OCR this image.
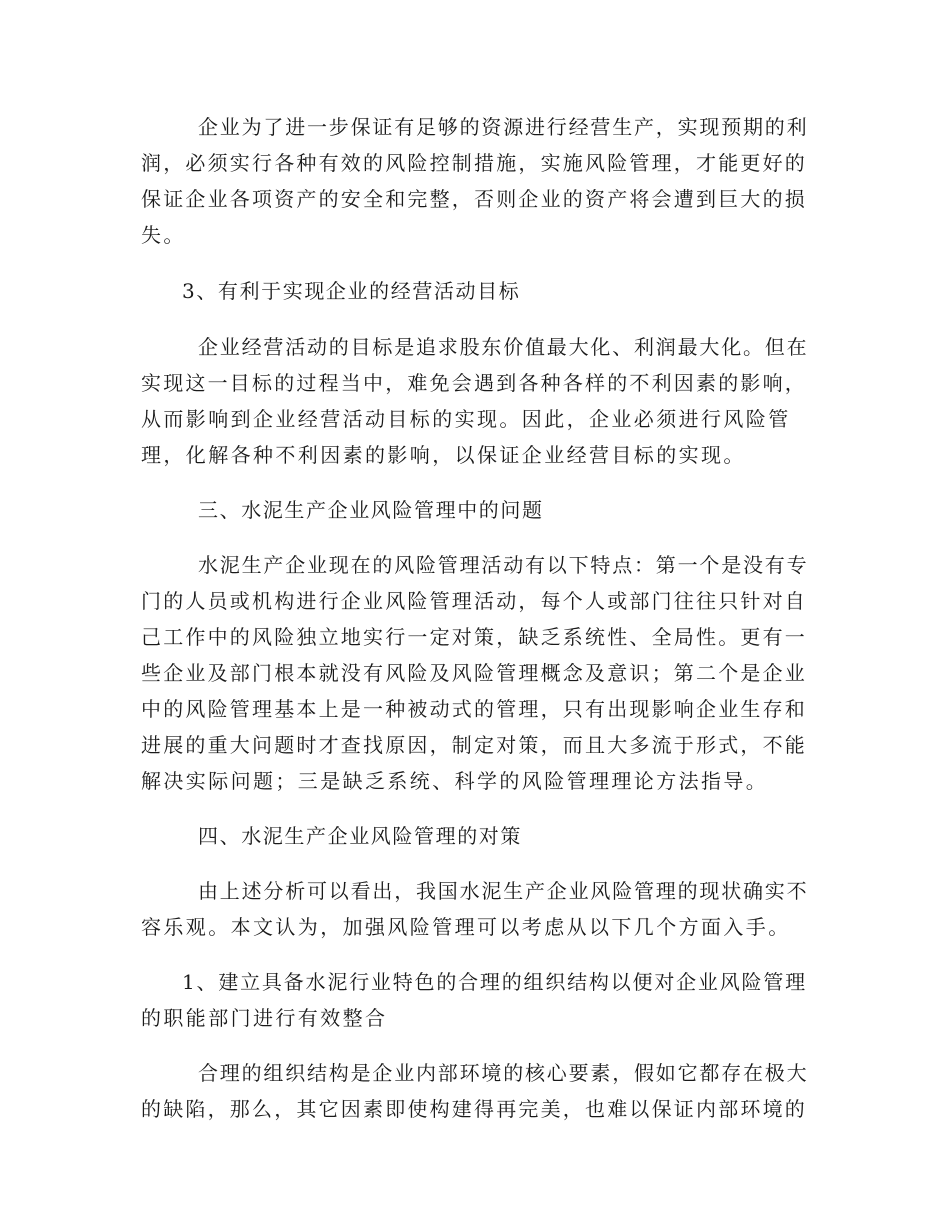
企业为了进一步保证有足够的资源进行经营生产，实现预期的利
润，必须实行各种有效的风险控制措施，实施风险管理，才能更好的
保证企业各项资产的安全和完整，否则企业的资产将会遭到巨大的损
失。
3、有利于实现企业的经营活动目标
企业经营活动的目标是追求股东价值最大化、利润最大化。但在
实现这一目标的过程当中，难免会遇到各种各样的不利因素的影响，
从而影响到企业经营活动目标的实现。因此，企业必须进行风险管
理，化解各种不利因素的影响，以保证企业经营目标的实现。
三、水泥生产企业风险管理中的问题
水泥生产企业现在的风险管理活动有以下特点：第一个是没有专
门的人员或机构进行企业风险管理活动，每个人或部门往往只针对自
己工作中的风险独立地实行一定对策，缺乏系统性、全局性。更有一
些企业及部门根本就没有风险及风险管理概念及意识；第二个是企业
中的风险管理基本上是一种被动式的管理，只有出现影响企业生存和
进展的重大问题时才查找原因，制定对策，而且大多流于形式，不能
解决实际问题；三是缺乏系统、科学的风险管理理论方法指导。
四、水泥生产企业风险管理的对策
由上述分析可以看出，我国水泥生产企业风险管理的现状确实不
容乐观。本文认为，加强风险管理可以考虑从以下几个方面入手。
1、建立具备水泥行业特色的合理的组织结构以便对企业风险管理
的职能部门进行有效整合
合理的组织结构是企业内部环境的核心要素，假如它都存在极大
的缺陷，那么，其它因素即使构建得再完美，也难以保证内部环境的
